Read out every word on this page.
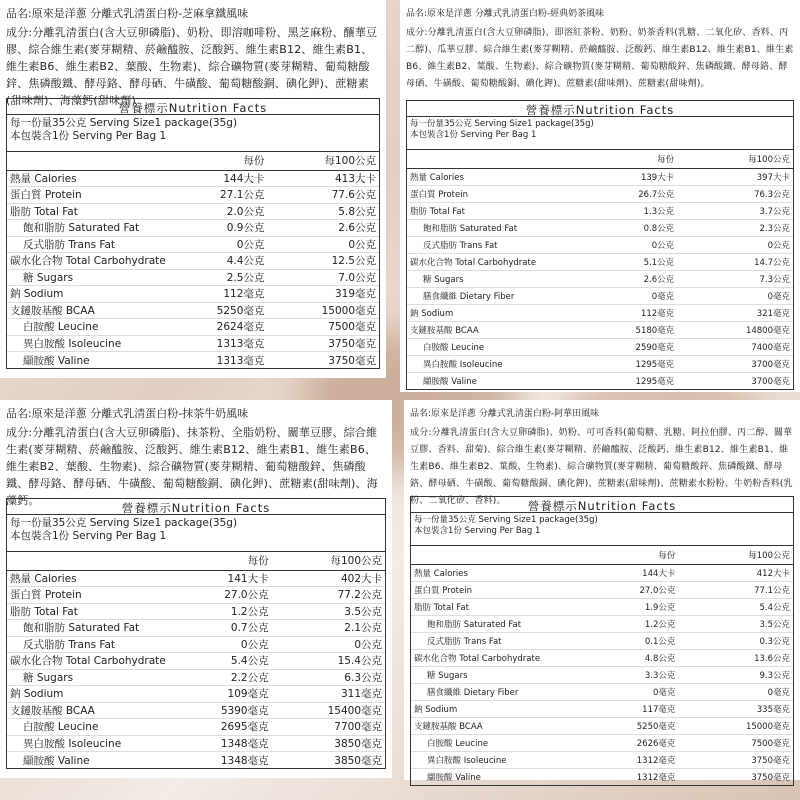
品名:原來是洋蔥 分離式乳清蛋白粉-芝麻拿鐵風味
成分:分離乳清蛋白(含大豆卵磷脂)、奶粉、即溶咖啡粉、黑芝麻粉、釀華豆膠、綜合維生素(麥芽糊精、菸鹼醯胺、泛酸鈣、維生素B12、維生素B1、維生素B6、維生素B2、葉酸、生物素)、綜合礦物質(麥芽糊精、葡萄糖酸鋅、焦磷酸鐵、酵母鉻、酵母硒、牛磺酸、葡萄糖酸銅、碘化鉀)、蔗糖素(甜味劑)、海藻鈣(甜味劑)
營養標示Nutrition Facts
每一份量35公克 Serving Size1 package(35g)
本包裝含1份 Serving Per Bag 1
	每份	每100公克
熱量 Calories	144大卡	413大卡
蛋白質 Protein	27.1公克	77.6公克
脂肪 Total Fat	2.0公克	5.8公克
飽和脂肪 Saturated Fat	0.9公克	2.6公克
反式脂肪 Trans Fat	0公克	0公克
碳水化合物 Total Carbohydrate	4.4公克	12.5公克
糖 Sugars	2.5公克	7.0公克
鈉 Sodium	112毫克	319毫克
支鏈胺基酸 BCAA	5250毫克	15000毫克
白胺酸 Leucine	2624毫克	7500毫克
異白胺酸 Isoleucine	1313毫克	3750毫克
纈胺酸 Valine	1313毫克	3750毫克
品名:原來是洋蔥 分離式乳清蛋白粉-經典奶茶風味
成分:分離乳清蛋白(含大豆卵磷脂)、即溶紅茶粉、奶粉、奶茶香料(乳糖、二氧化矽、香料、丙二醇)、瓜華豆膠、綜合維生素(麥芽糊精、菸鹼醯胺、泛酸鈣、維生素B12、維生素B1、維生素B6、維生素B2、葉酸、生物素)、綜合礦物質(麥芽糊精、葡萄糖酸鋅、焦磷酸鐵、酵母鉻、酵母硒、牛磺酸、葡萄糖酸銅、碘化鉀)、蔗糖素(甜味劑)、蔗糖素(甜味劑)。
營養標示Nutrition Facts
每一份量35公克 Serving Size1 package(35g)
本包裝含1份 Serving Per Bag 1
	每份	每100公克
熱量 Calories	139大卡	397大卡
蛋白質 Protein	26.7公克	76.3公克
脂肪 Total Fat	1.3公克	3.7公克
飽和脂肪 Saturated Fat	0.8公克	2.3公克
反式脂肪 Trans Fat	0公克	0公克
碳水化合物 Total Carbohydrate	5.1公克	14.7公克
糖 Sugars	2.6公克	7.3公克
膳食纖維 Dietary Fiber	0毫克	0毫克
鈉 Sodium	112毫克	321毫克
支鏈胺基酸 BCAA	5180毫克	14800毫克
白胺酸 Leucine	2590毫克	7400毫克
異白胺酸 Isoleucine	1295毫克	3700毫克
纈胺酸 Valine	1295毫克	3700毫克
品名:原來是洋蔥 分離式乳清蛋白粉-抹茶牛奶風味
成分:分離乳清蛋白(含大豆卵磷脂)、抹茶粉、全脂奶粉、關華豆膠、綜合維生素(麥芽糊精、菸鹼醯胺、泛酸鈣、維生素B12、維生素B1、維生素B6、維生素B2、葉酸、生物素)、綜合礦物質(麥芽糊精、葡萄糖酸鋅、焦磷酸鐵、酵母鉻、酵母硒、牛磺酸、葡萄糖酸銅、碘化鉀)、蔗糖素(甜味劑)、海藻鈣。
營養標示Nutrition Facts
每一份量35公克 Serving Size1 package(35g)
本包裝含1份 Serving Per Bag 1
	每份	每100公克
熱量 Calories	141大卡	402大卡
蛋白質 Protein	27.0公克	77.2公克
脂肪 Total Fat	1.2公克	3.5公克
飽和脂肪 Saturated Fat	0.7公克	2.1公克
反式脂肪 Trans Fat	0公克	0公克
碳水化合物 Total Carbohydrate	5.4公克	15.4公克
糖 Sugars	2.2公克	6.3公克
鈉 Sodium	109毫克	311毫克
支鏈胺基酸 BCAA	5390毫克	15400毫克
白胺酸 Leucine	2695毫克	7700毫克
異白胺酸 Isoleucine	1348毫克	3850毫克
纈胺酸 Valine	1348毫克	3850毫克
品名:原來是洋蔥 分離式乳清蛋白粉-阿華田風味
成分:分離乳清蛋白(含大豆卵磷脂)、奶粉、可可香料(葡萄糖、乳糖、阿拉伯膠、丙二醇、關華豆膠、香料、甜菊)、綜合維生素(麥芽糊精、菸鹼醯胺、泛酸鈣、維生素B12、維生素B1、維生素B6、維生素B2、葉酸、生物素)、綜合礦物質(麥芽糊精、葡萄糖酸鋅、焦磷酸鐵、酵母鉻、酵母硒、牛磺酸、葡萄糖酸銅、碘化鉀)、蔗糖素(甜味劑)、蔗糖素水粉粉、牛奶粉香料(乳粉、二氧化矽、香料)。	營養標示Nutrition Facts
每一份量35公克 Serving Size1 package(35g)
本包裝含1份 Serving Per Bag 1
	每份	每100公克
熱量 Calories	144大卡	412大卡
蛋白質 Protein	27.0公克	77.1公克
脂肪 Total Fat	1.9公克	5.4公克
飽和脂肪 Saturated Fat	1.2公克	3.5公克
反式脂肪 Trans Fat	0.1公克	0.3公克
碳水化合物 Total Carbohydrate	4.8公克	13.6公克
糖 Sugars	3.3公克	9.3公克
膳食纖維 Dietary Fiber	0毫克	0毫克
鈉 Sodium	117毫克	335毫克
支鏈胺基酸 BCAA	5250毫克	15000毫克
白胺酸 Leucine	2626毫克	7500毫克
異白胺酸 Isoleucine	1312毫克	3750毫克
纈胺酸 Valine	1312毫克	3750毫克
